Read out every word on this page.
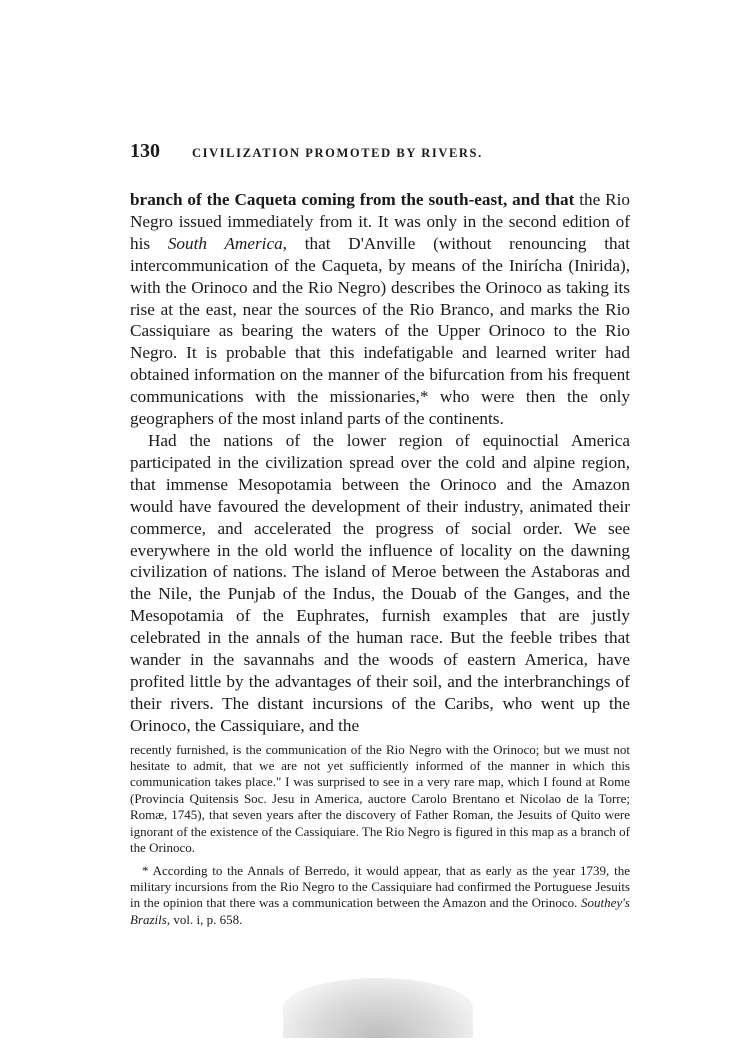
130	CIVILIZATION PROMOTED BY RIVERS.

branch of the Caqueta coming from the south-east, and that the Rio Negro issued immediately from it. It was only in the second edition of his South America, that D'Anville (without renouncing that intercommunication of the Caqueta, by means of the Inirícha (Inirida), with the Orinoco and the Rio Negro) describes the Orinoco as taking its rise at the east, near the sources of the Rio Branco, and marks the Rio Cassiquiare as bearing the waters of the Upper Orinoco to the Rio Negro. It is probable that this indefatigable and learned writer had obtained information on the manner of the bifurcation from his frequent communications with the missionaries,* who were then the only geographers of the most inland parts of the continents.

Had the nations of the lower region of equinoctial America participated in the civilization spread over the cold and alpine region, that immense Mesopotamia between the Orinoco and the Amazon would have favoured the development of their industry, animated their commerce, and accelerated the progress of social order. We see everywhere in the old world the influence of locality on the dawning civilization of nations. The island of Meroe between the Astaboras and the Nile, the Punjab of the Indus, the Douab of the Ganges, and the Mesopotamia of the Euphrates, furnish examples that are justly celebrated in the annals of the human race. But the feeble tribes that wander in the savannahs and the woods of eastern America, have profited little by the advantages of their soil, and the interbranchings of their rivers. The distant incursions of the Caribs, who went up the Orinoco, the Cassiquiare, and the

recently furnished, is the communication of the Rio Negro with the Orinoco; but we must not hesitate to admit, that we are not yet sufficiently informed of the manner in which this communication takes place." I was surprised to see in a very rare map, which I found at Rome (Provincia Quitensis Soc. Jesu in America, auctore Carolo Brentano et Nicolao de la Torre; Romæ, 1745), that seven years after the discovery of Father Roman, the Jesuits of Quito were ignorant of the existence of the Cassiquiare. The Rio Negro is figured in this map as a branch of the Orinoco.

* According to the Annals of Berredo, it would appear, that as early as the year 1739, the military incursions from the Rio Negro to the Cassiquiare had confirmed the Portuguese Jesuits in the opinion that there was a communication between the Amazon and the Orinoco. Southey's Brazils, vol. i, p. 658.
